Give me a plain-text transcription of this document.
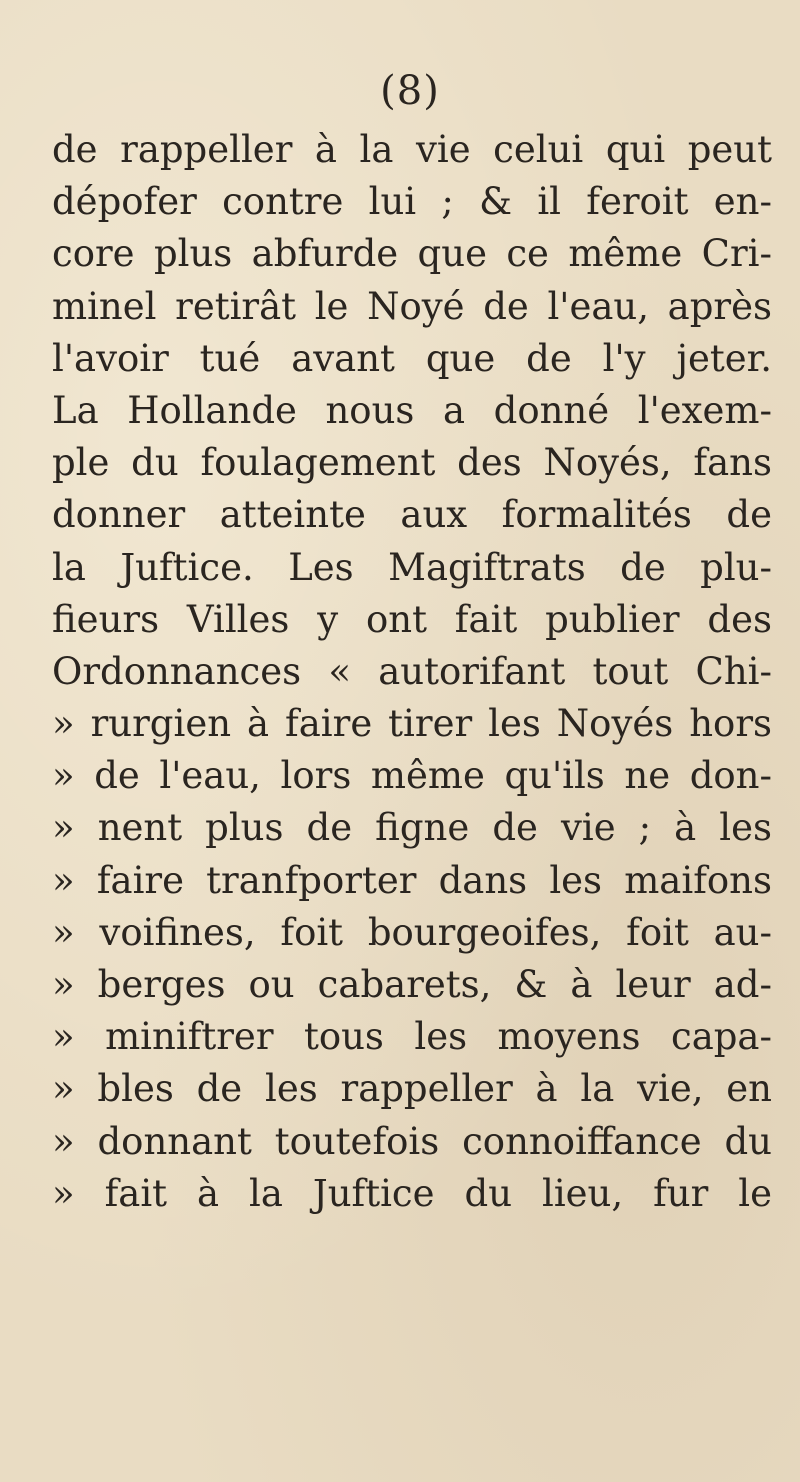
(8)
de rappeller à la vie celui qui peut
dépofer contre lui ; & il feroit en-
core plus abfurde que ce même Cri-
minel retirât le Noyé de l'eau, après
l'avoir tué avant que de l'y jeter.
La Hollande nous a donné l'exem-
ple du foulagement des Noyés, fans
donner atteinte aux formalités de
la Juftice. Les Magiftrats de plu-
fieurs Villes y ont fait publier des
Ordonnances « autorifant tout Chi-
» rurgien à faire tirer les Noyés hors
» de l'eau, lors même qu'ils ne don-
» nent plus de figne de vie ; à les
» faire tranfporter dans les maifons
» voifines, foit bourgeoifes, foit au-
» berges ou cabarets, & à leur ad-
» miniftrer tous les moyens capa-
» bles de les rappeller à la vie, en
» donnant toutefois connoiffance du
» fait à la Juftice du lieu, fur le
